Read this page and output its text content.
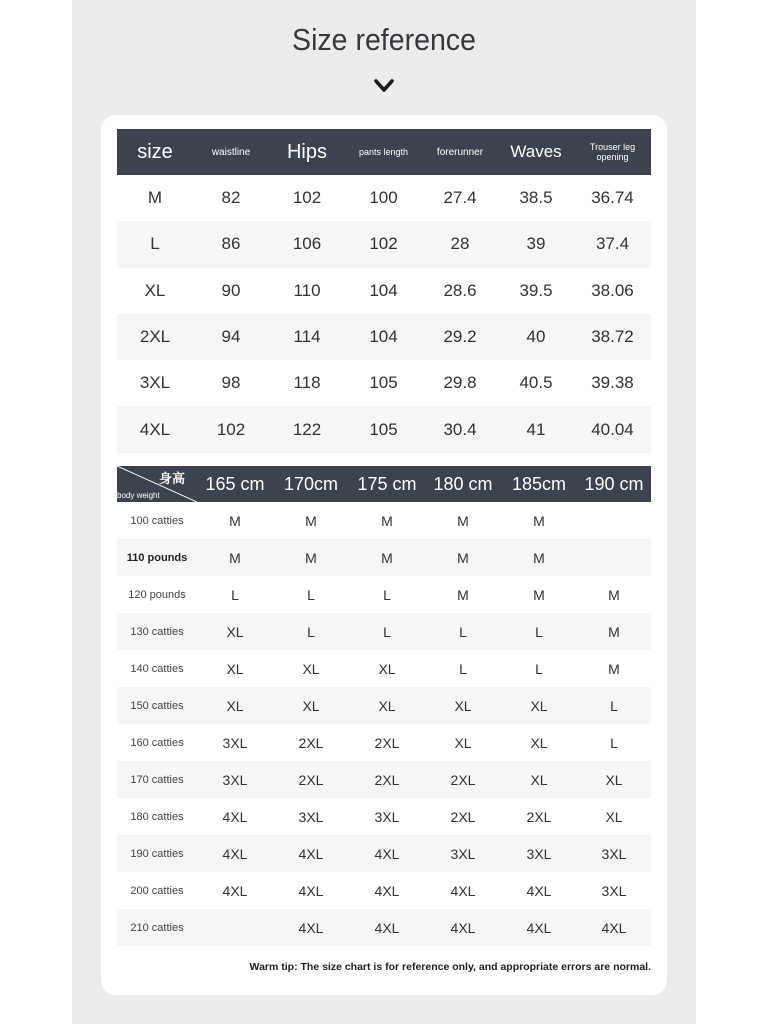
Size reference
size	waistline	Hips	pants length	forerunner	Waves	Trouser leg opening
M	82	102	100	27.4	38.5	36.74
L	86	106	102	28	39	37.4
XL	90	110	104	28.6	39.5	38.06
2XL	94	114	104	29.2	40	38.72
3XL	98	118	105	29.8	40.5	39.38
4XL	102	122	105	30.4	41	40.04
身高
body weight	165 cm	170cm	175 cm	180 cm	185cm	190 cm
100 catties	M	M	M	M	M	
110 pounds	M	M	M	M	M	
120 pounds	L	L	L	M	M	M
130 catties	XL	L	L	L	L	M
140 catties	XL	XL	XL	L	L	M
150 catties	XL	XL	XL	XL	XL	L
160 catties	3XL	2XL	2XL	XL	XL	L
170 catties	3XL	2XL	2XL	2XL	XL	XL
180 catties	4XL	3XL	3XL	2XL	2XL	XL
190 catties	4XL	4XL	4XL	3XL	3XL	3XL
200 catties	4XL	4XL	4XL	4XL	4XL	3XL
210 catties		4XL	4XL	4XL	4XL	4XL
Warm tip: The size chart is for reference only, and appropriate errors are normal.
